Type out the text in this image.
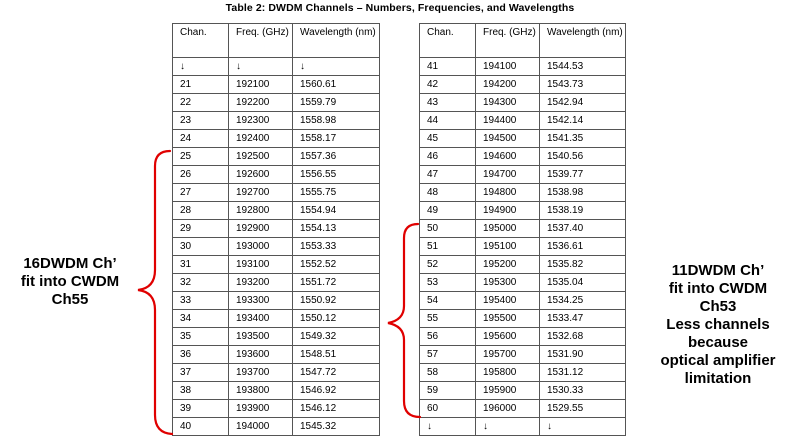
Table 2: DWDM Channels – Numbers, Frequencies, and Wavelengths
Chan.	Freq. (GHz)	Wavelength (nm)
↓	↓	↓
21	192100	1560.61
22	192200	1559.79
23	192300	1558.98
24	192400	1558.17
25	192500	1557.36
26	192600	1556.55
27	192700	1555.75
28	192800	1554.94
29	192900	1554.13
30	193000	1553.33
31	193100	1552.52
32	193200	1551.72
33	193300	1550.92
34	193400	1550.12
35	193500	1549.32
36	193600	1548.51
37	193700	1547.72
38	193800	1546.92
39	193900	1546.12
40	194000	1545.32
Chan.	Freq. (GHz)	Wavelength (nm)
41	194100	1544.53
42	194200	1543.73
43	194300	1542.94
44	194400	1542.14
45	194500	1541.35
46	194600	1540.56
47	194700	1539.77
48	194800	1538.98
49	194900	1538.19
50	195000	1537.40
51	195100	1536.61
52	195200	1535.82
53	195300	1535.04
54	195400	1534.25
55	195500	1533.47
56	195600	1532.68
57	195700	1531.90
58	195800	1531.12
59	195900	1530.33
60	196000	1529.55
↓	↓	↓
16DWDM Ch’
fit into CWDM
Ch55
11DWDM Ch’
fit into CWDM
Ch53
Less channels
because
optical amplifier
limitation
